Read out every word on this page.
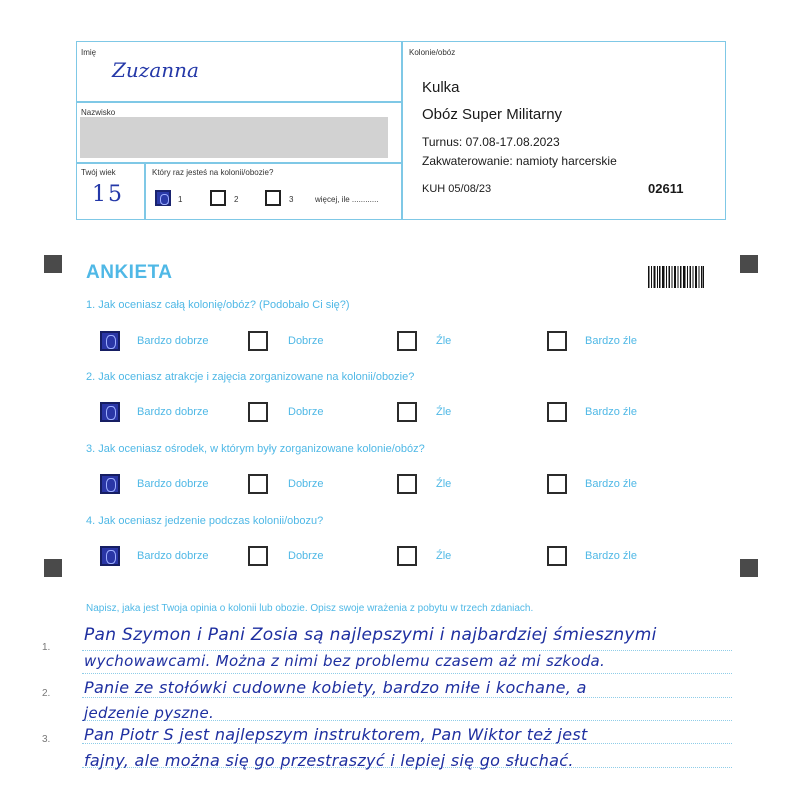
Imię
Zuzanna
Nazwisko
Twój wiek
15
Który raz jesteś na kolonii/obozie?
1	2	3	więcej, ile ............
Kolonie/obóz
Kulka
Obóz Super Militarny
Turnus: 07.08-17.08.2023
Zakwaterowanie: namioty harcerskie
KUH 05/08/23	02611
ANKIETA
1. Jak oceniasz całą kolonię/obóz? (Podobało Ci się?)
Bardzo dobrze	Dobrze	Źle	Bardzo źle
2. Jak oceniasz atrakcje i zajęcia zorganizowane na kolonii/obozie?
Bardzo dobrze	Dobrze	Źle	Bardzo źle
3. Jak oceniasz ośrodek, w którym były zorganizowane kolonie/obóz?
Bardzo dobrze	Dobrze	Źle	Bardzo źle
4. Jak oceniasz jedzenie podczas kolonii/obozu?
Bardzo dobrze	Dobrze	Źle	Bardzo źle
Napisz, jaka jest Twoja opinia o kolonii lub obozie. Opisz swoje wrażenia z pobytu w trzech zdaniach.
1.
2.
3.
Pan Szymon i Pani Zosia są najlepszymi i najbardziej śmiesznymi
wychowawcami. Można z nimi bez problemu czasem aż mi szkoda.
Panie ze stołówki cudowne kobiety, bardzo miłe i kochane, a
jedzenie pyszne.
Pan Piotr S jest najlepszym instruktorem, Pan Wiktor też jest
fajny, ale można się go przestraszyć i lepiej się go słuchać.
